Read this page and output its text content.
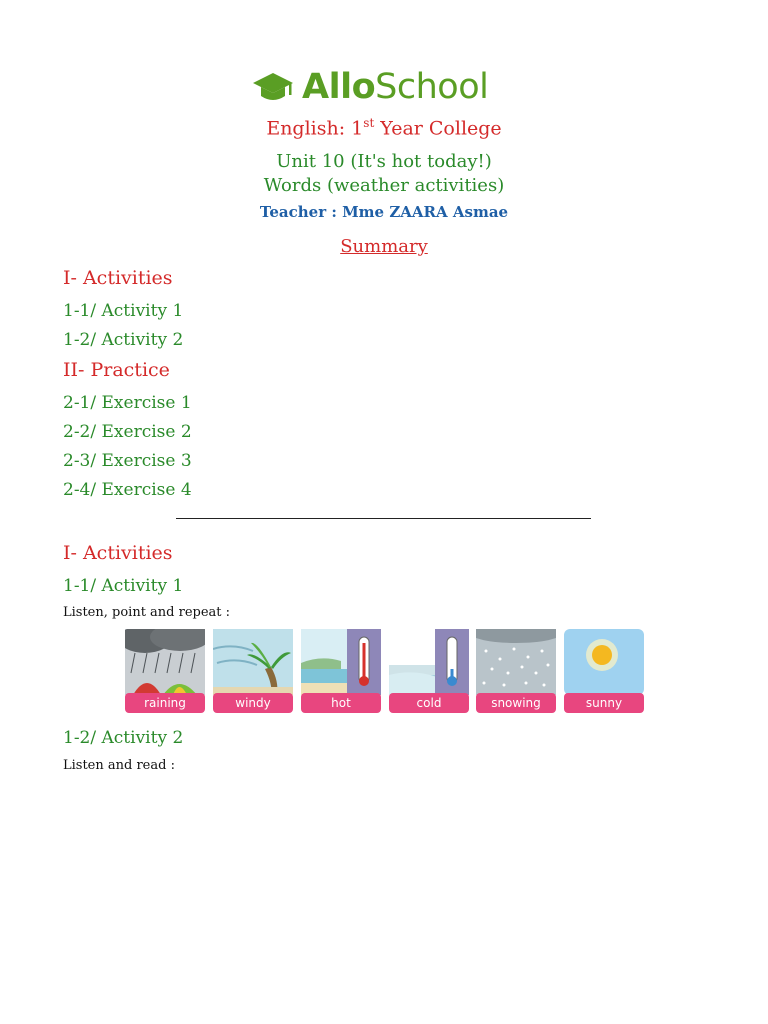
AlloSchool
English: 1st Year College
Unit 10 (It's hot today!)
Words (weather activities)
Teacher : Mme ZAARA Asmae
Summary
I- Activities
1-1/ Activity 1
1-2/ Activity 2
II- Practice
2-1/ Exercise 1
2-2/ Exercise 2
2-3/ Exercise 3
2-4/ Exercise 4
I- Activities
1-1/ Activity 1
Listen, point and repeat :
raining	windy	hot	cold	snowing	sunny
1-2/ Activity 2
Listen and read :
